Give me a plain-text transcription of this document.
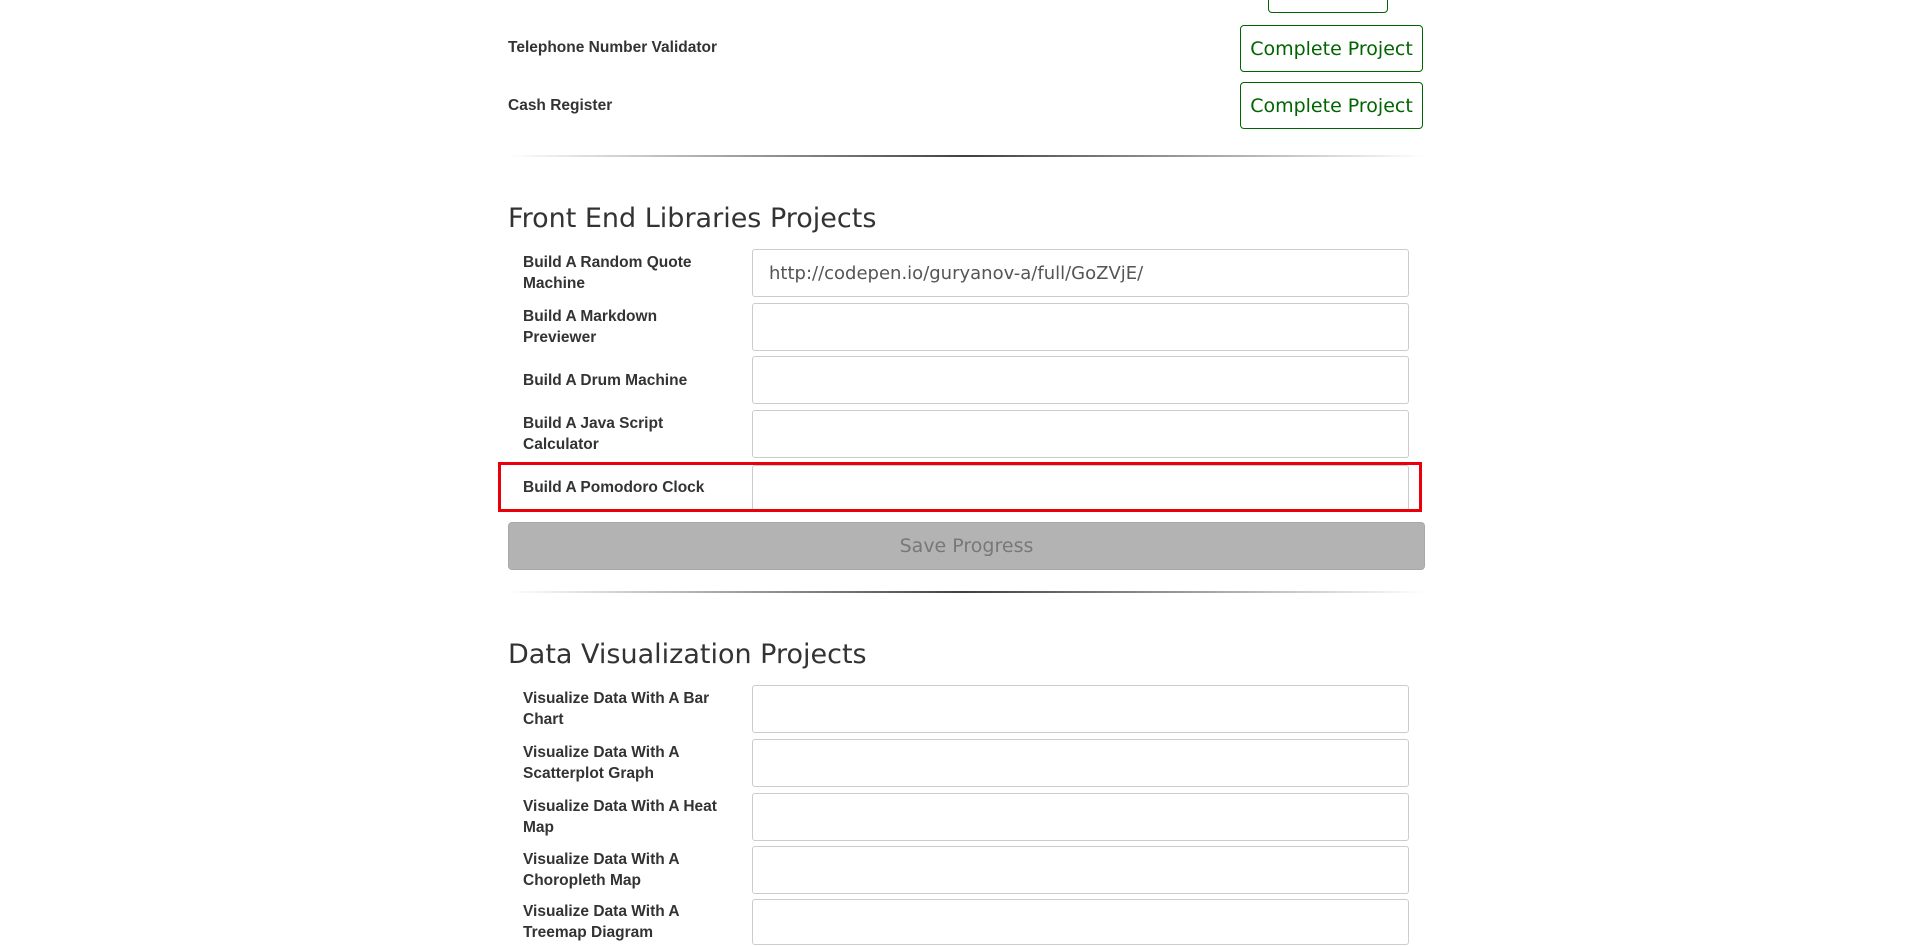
Telephone Number Validator	Complete Project
Cash Register	Complete Project
Front End Libraries Projects
Build A Random Quote Machine
http://codepen.io/guryanov-a/full/GoZVjE/
Build A Markdown Previewer
Build A Drum Machine
Build A Java Script Calculator
Build A Pomodoro Clock
Save Progress
Data Visualization Projects
Visualize Data With A Bar Chart
Visualize Data With A Scatterplot Graph
Visualize Data With A Heat Map
Visualize Data With A Choropleth Map
Visualize Data With A Treemap Diagram
